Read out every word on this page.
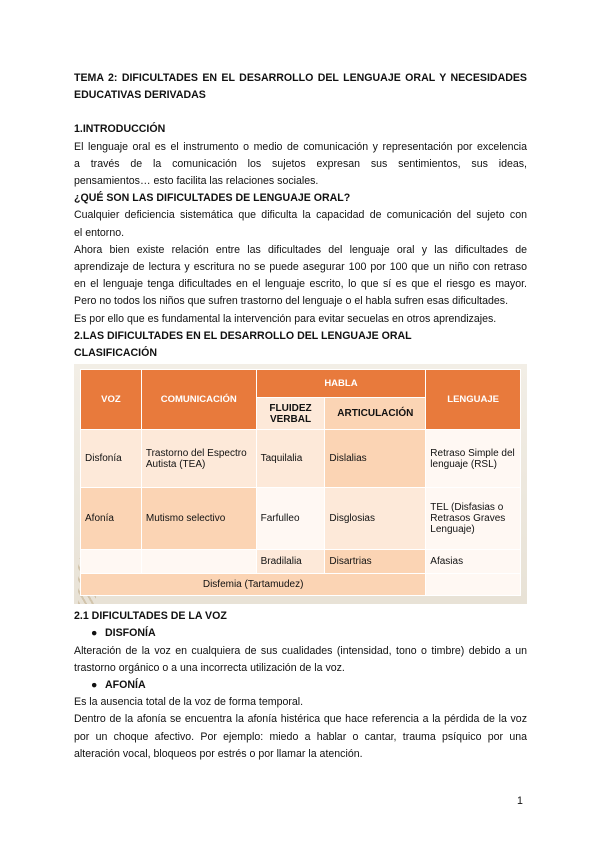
TEMA 2: DIFICULTADES EN EL DESARROLLO DEL LENGUAJE ORAL Y NECESIDADES EDUCATIVAS DERIVADAS

1.INTRODUCCIÓN

El lenguaje oral es el instrumento o medio de comunicación y representación por excelencia

a través de la comunicación los sujetos expresan sus sentimientos, sus ideas,

pensamientos… esto facilita las relaciones sociales.

¿QUÉ SON LAS DIFICULTADES DE LENGUAJE ORAL?

Cualquier deficiencia sistemática que dificulta la capacidad de comunicación del sujeto con

el entorno.

Ahora bien existe relación entre las dificultades del lenguaje oral y las dificultades de

aprendizaje de lectura y escritura no se puede asegurar 100 por 100 que un niño con retraso

en el lenguaje tenga dificultades en el lenguaje escrito, lo que sí es que el riesgo es mayor.

Pero no todos los niños que sufren trastorno del lenguaje o el habla sufren esas dificultades.

Es por ello que es fundamental la intervención para evitar secuelas en otros aprendizajes.

2.LAS DIFICULTADES EN EL DESARROLLO DEL LENGUAJE ORAL

CLASIFICACIÓN

VOZ	COMUNICACIÓN	HABLA		LENGUAJE
		FLUIDEZ VERBAL	ARTICULACIÓN	
Disfonía	Trastorno del Espectro Autista (TEA)	Taquilalia	Dislalias	Retraso Simple del lenguaje (RSL)
Afonía	Mutismo selectivo	Farfulleo	Disglosias	TEL (Disfasias o Retrasos Graves Lenguaje)
		Bradilalia	Disartrias	Afasias
Disfemia (Tartamudez)				

2.1 DIFICULTADES DE LA VOZ

● DISFONÍA

Alteración de la voz en cualquiera de sus cualidades (intensidad, tono o timbre) debido a un

trastorno orgánico o a una incorrecta utilización de la voz.

● AFONÍA

Es la ausencia total de la voz de forma temporal.

Dentro de la afonía se encuentra la afonía histérica que hace referencia a la pérdida de la voz

por un choque afectivo. Por ejemplo: miedo a hablar o cantar, trauma psíquico por una

alteración vocal, bloqueos por estrés o por llamar la atención.

1
